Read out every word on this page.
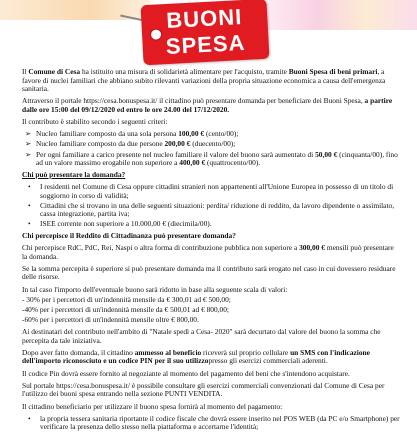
BUONI
SPESA

Il Comune di Cesa ha istituito una misura di solidarietà alimentare per l'acquisto, tramite Buoni Spesa di beni primari, a favore di nuclei familiari che abbiano subito rilevanti variazioni della propria situazione economica a causa dell'emergenza sanitaria.

Attraverso il portale https://cesa.bonuspesa.it/ il cittadino può presentare domanda per beneficiare dei Buoni Spesa, a partire dalle ore 15:00 del 09/12/2020 ed entro le ore 24.00 del 17/12/2020.

Il contributo è stabilito secondo i seguenti criteri:

➢ Nucleo familiare composto da una sola persona 100,00 € (cento/00);
➢ Nucleo familiare composto da due persone 200,00 € (duecento/00);
➢ Per ogni familiare a carico presente nel nucleo familiare il valore del buono sarà aumentato di 50,00 € (cinquanta/00), fino ad un valore massimo erogabile non superiore a 400,00 € (quattrocento/00).

Chi può presentare la domanda?

• I residenti nel Comune di Cesa oppure cittadini stranieri non appartenenti all'Unione Europea in possesso di un titolo di soggiorno in corso di validità;
• Cittadini che si trovano in una delle seguenti situazioni: perdita/ riduzione di reddito, da lavoro dipendente o assimilato, cassa integrazione, partita iva;
• ISEE corrente non superiore a 10.000,00 € (diecimila/00).

Chi percepisce il Reddito di Cittadinanza può presentare domanda?

Chi percepisce RdC, PdC, Rei, Naspi o altra forma di contribuzione pubblica non superiore a 300,00 € mensili può presentare la domanda.

Se la somma percepita è superiore si può presentare domanda ma il contributo sarà erogato nel caso in cui dovessero residuare delle risorse.

In tal caso l'importo dell'eventuale buono sarà ridotto in base alla seguente scala di valori:

- 30% per i percettori di un'indennità mensile da € 300,01 ad € 500,00;

-40% per i percettori di un'indennità mensile da € 500,01 ad € 800,00;

-60% per i percettori di un'indennità mensile oltre € 800,00.

Ai destinatari del contributo nell'ambito di "Natale spedì a Cesa- 2020" sarà decurtato dal valore del buono la somma che percepita da tale iniziativa.

Dopo aver fatto domanda, il cittadino ammesso al beneficio riceverà sul proprio cellulare un SMS con l'indicazione dell'importo riconosciuto e un codice PIN per il suo utilizzopresso gli esercizi commerciali aderenti.

Il codice Pin dovrà essere fornito al negoziante al momento del pagamento del beni che s'intendono acquistare.

Sul portale https://cesa.bonuspesa.it/ è possibile consultare gli esercizi commerciali convenzionati dal Comune di Cesa per l'utilizzo dei buoni spesa entrando nella sezione PUNTI VENDITA.

Il cittadino beneficiario per utilizzare il buono spesa fornirà al momento del pagamento:

• la propria tessera sanitaria riportante il codice fiscale che dovrà essere inserito nel POS WEB (da PC e/o Smartphone) per verificare la presenza dello stesso nella piattaforma e accertarne l'identità;
